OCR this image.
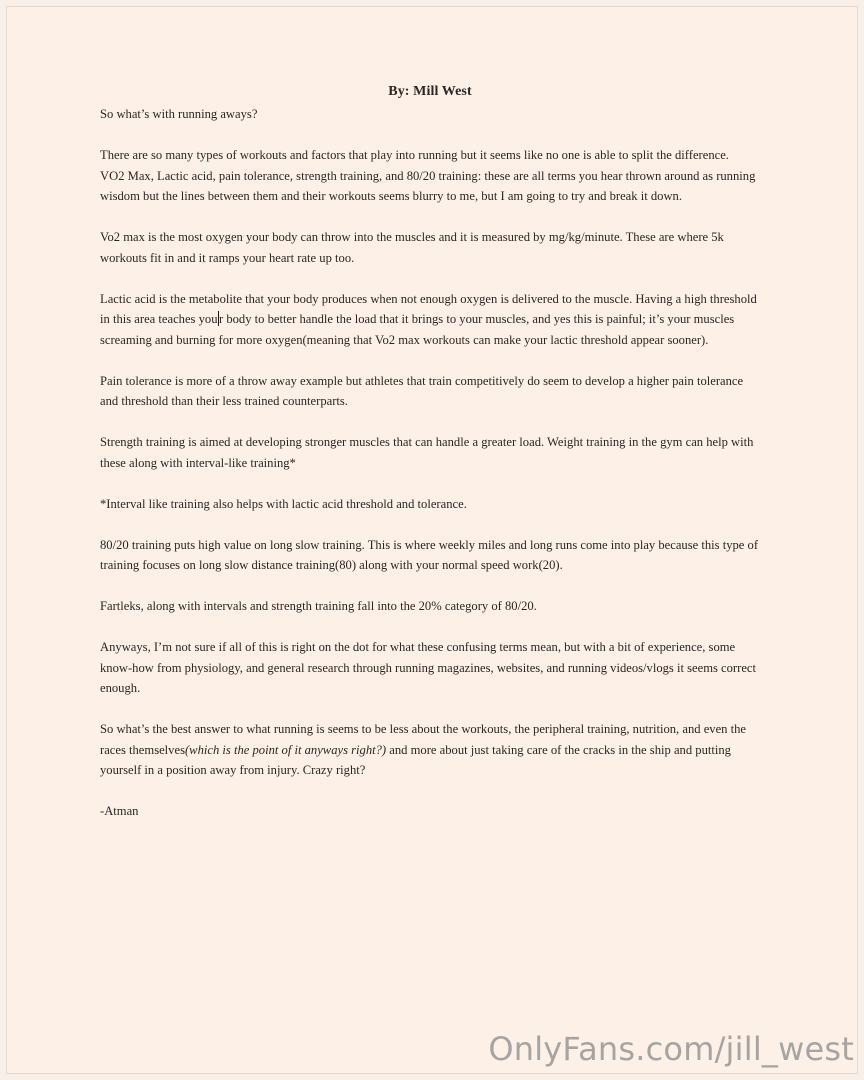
By: Mill West

So what’s with running aways?

There are so many types of workouts and factors that play into running but it seems like no one is able to split the difference.

VO2 Max, Lactic acid, pain tolerance, strength training, and 80/20 training: these are all terms you hear thrown around as running wisdom but the lines between them and their workouts seems blurry to me, but I am going to try and break it down.

Vo2 max is the most oxygen your body can throw into the muscles and it is measured by mg/kg/minute. These are where 5k workouts fit in and it ramps your heart rate up too.

Lactic acid is the metabolite that your body produces when not enough oxygen is delivered to the muscle. Having a high threshold in this area teaches you r body to better handle the load that it brings to your muscles, and yes this is painful; it’s your muscles screaming and burning for more oxygen(meaning that Vo2 max workouts can make your lactic threshold appear sooner).

Pain tolerance is more of a throw away example but athletes that train competitively do seem to develop a higher pain tolerance and threshold than their less trained counterparts.

Strength training is aimed at developing stronger muscles that can handle a greater load. Weight training in the gym can help with these along with interval-like training*

*Interval like training also helps with lactic acid threshold and tolerance.

80/20 training puts high value on long slow training. This is where weekly miles and long runs come into play because this type of training focuses on long slow distance training(80) along with your normal speed work(20).

Fartleks, along with intervals and strength training fall into the 20% category of 80/20.

Anyways, I’m not sure if all of this is right on the dot for what these confusing terms mean, but with a bit of experience, some know-how from physiology, and general research through running magazines, websites, and running videos/vlogs it seems correct enough.

So what’s the best answer to what running is seems to be less about the workouts, the peripheral training, nutrition, and even the races themselves(which is the point of it anyways right?) and more about just taking care of the cracks in the ship and putting yourself in a position away from injury. Crazy right?

-Atman

OnlyFans.com/jill_west
